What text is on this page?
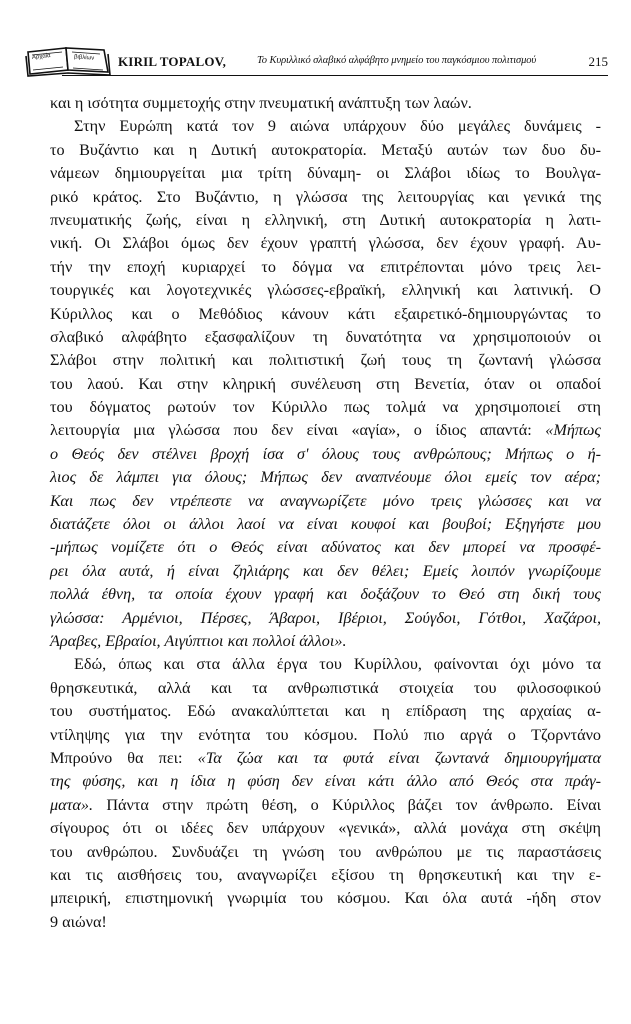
Αρχαία	βιβλίων KIRIL TOPALOV,	Το Κυριλλικό σλαβικό αλφάβητο μνημείο του παγκόσμιου πολιτισμού	215
και η ισότητα συμμετοχής στην πνευματική ανάπτυξη των λαών.
Στην Ευρώπη κατά τον 9 αιώνα υπάρχουν δύο μεγάλες δυνάμεις -
το Βυζάντιο και η Δυτική αυτοκρατορία. Μεταξύ αυτών των δυο δυ-
νάμεων δημιουργείται μια τρίτη δύναμη- οι Σλάβοι ιδίως το Βουλγα-
ρικό κράτος. Στο Βυζάντιο, η γλώσσα της λειτουργίας και γενικά της
πνευματικής ζωής, είναι η ελληνική, στη Δυτική αυτοκρατορία η λατι-
νική. Οι Σλάβοι όμως δεν έχουν γραπτή γλώσσα, δεν έχουν γραφή. Αυ-
τήν την εποχή κυριαρχεί το δόγμα να επιτρέπονται μόνο τρεις λει-
τουργικές και λογοτεχνικές γλώσσες-εβραϊκή, ελληνική και λατινική. Ο
Κύριλλος και ο Μεθόδιος κάνουν κάτι εξαιρετικό-δημιουργώντας το
σλαβικό αλφάβητο εξασφαλίζουν τη δυνατότητα να χρησιμοποιούν οι
Σλάβοι στην πολιτική και πολιτιστική ζωή τους τη ζωντανή γλώσσα
του λαού. Και στην κληρική συνέλευση στη Βενετία, όταν οι οπαδοί
του δόγματος ρωτούν τον Κύριλλο πως τολμά να χρησιμοποιεί στη
λειτουργία μια γλώσσα που δεν είναι «αγία», ο ίδιος απαντά: «Μήπως
ο Θεός δεν στέλνει βροχή ίσα σ' όλους τους ανθρώπους; Μήπως ο ή-
λιος δε λάμπει για όλους; Μήπως δεν αναπνέουμε όλοι εμείς τον αέρα;
Και πως δεν ντρέπεστε να αναγνωρίζετε μόνο τρεις γλώσσες και να
διατάζετε όλοι οι άλλοι λαοί να είναι κουφοί και βουβοί; Εξηγήστε μου
-μήπως νομίζετε ότι ο Θεός είναι αδύνατος και δεν μπορεί να προσφέ-
ρει όλα αυτά, ή είναι ζηλιάρης και δεν θέλει; Εμείς λοιπόν γνωρίζουμε
πολλά έθνη, τα οποία έχουν γραφή και δοξάζουν το Θεό στη δική τους
γλώσσα: Αρμένιοι, Πέρσες, Άβαροι, Ιβέριοι, Σούγδοι, Γότθοι, Χαζάροι,
Άραβες, Εβραίοι, Αιγύπτιοι και πολλοί άλλοι».
Εδώ, όπως και στα άλλα έργα του Κυρίλλου, φαίνονται όχι μόνο τα
θρησκευτικά, αλλά και τα ανθρωπιστικά στοιχεία του φιλοσοφικού
του συστήματος. Εδώ ανακαλύπτεται και η επίδραση της αρχαίας α-
ντίληψης για την ενότητα του κόσμου. Πολύ πιο αργά ο Τζορντάνο
Μπρούνο θα πει: «Τα ζώα και τα φυτά είναι ζωντανά δημιουργήματα
της φύσης, και η ίδια η φύση δεν είναι κάτι άλλο από Θεός στα πράγ-
ματα». Πάντα στην πρώτη θέση, ο Κύριλλος βάζει τον άνθρωπο. Είναι
σίγουρος ότι οι ιδέες δεν υπάρχουν «γενικά», αλλά μονάχα στη σκέψη
του ανθρώπου. Συνδυάζει τη γνώση του ανθρώπου με τις παραστάσεις
και τις αισθήσεις του, αναγνωρίζει εξίσου τη θρησκευτική και την ε-
μπειρική, επιστημονική γνωριμία του κόσμου. Και όλα αυτά -ήδη στον
9 αιώνα!
